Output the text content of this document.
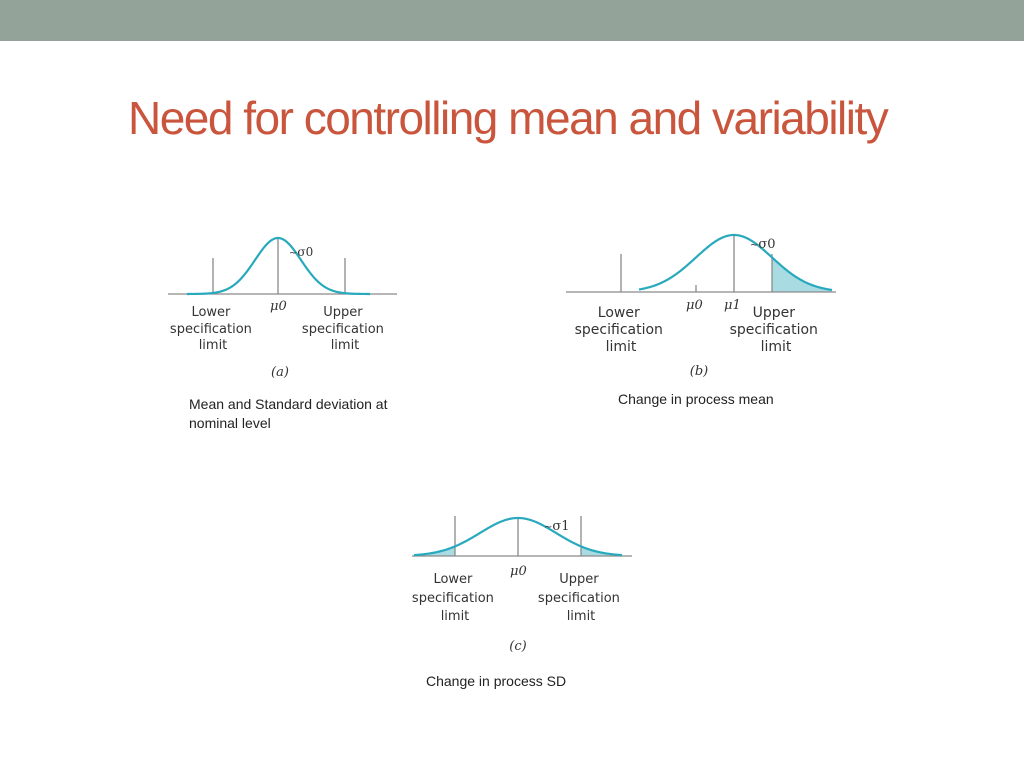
Need for controlling mean and variability
~σ0
μ0
Lower specification limit
Upper specification limit
(a)
~σ0
μ0 μ1
Lower specification limit
Upper specification limit
(b)
~σ1
μ0
Lower specification limit
Upper specification limit
(c)

Mean and Standard deviation at nominal level

Change in process mean

Change in process SD
